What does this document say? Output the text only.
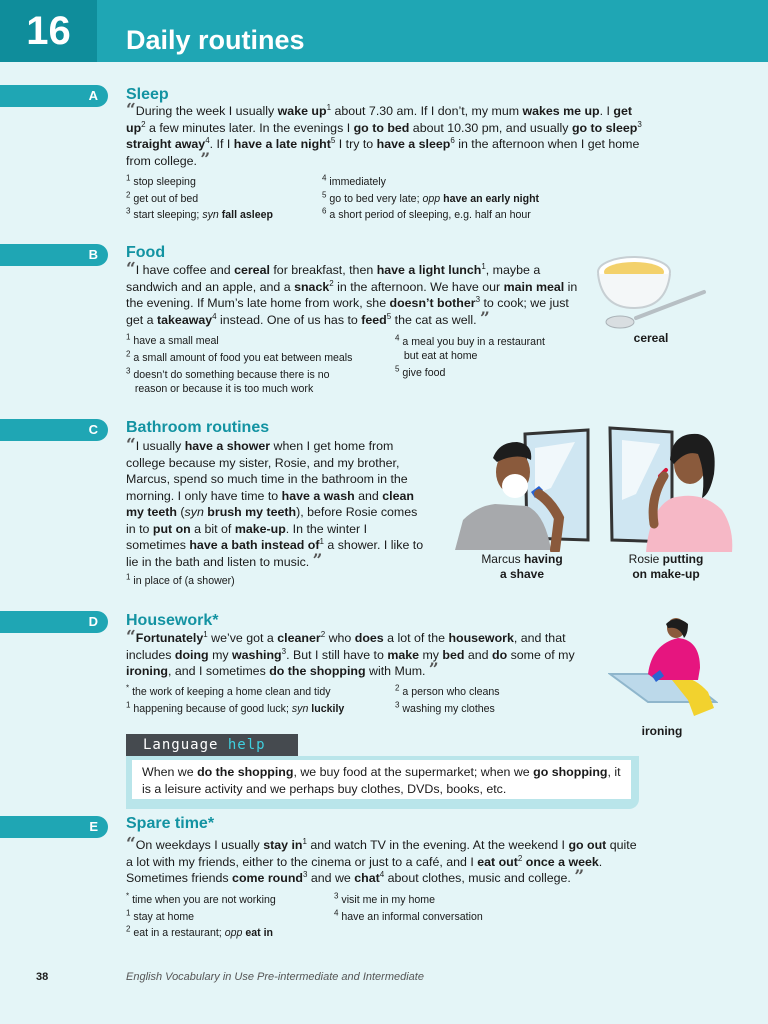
16	Daily routines
A	Sleep
“During the week I usually wake $up^1$ about 7.30 am. If I don’t, my mum wakes me up. I get $up^2$ a few minutes later. In the evenings I go to bed about 10.30 pm, and usually go to sleep$^3$ straight away$^4$. If I have a late night$^5$ I try to have a sleep$^6$ in the afternoon when I get home from college. ”
$^1$ stop sleeping
$^2$ get out of bed
$^3$ start sleeping; syn fall asleep
$^4$ immediately
$^5$ go to bed very late; opp have an early night
$^6$ a short period of sleeping, e.g. half an hour
B	Food
“I have coffee and cereal for breakfast, then have a light lunch$^1$, maybe a sandwich and an apple, and a snack$^2$ in the afternoon. We have our main meal in the evening. If Mum’s late home from work, she doesn’t bother$^3$ to cook; we just get a takeaway$^4$ instead. One of us has to feed$^5$ the cat as well. ”
$^1$ have a small meal
$^2$ a small amount of food you eat between meals
$^3$ doesn’t do something because there is no
reason or because it is too much work
$^4$ a meal you buy in a restaurant
but eat at home
$^5$ give food
cereal
C	Bathroom routines
“I usually have a shower when I get home from college because my sister, Rosie, and my brother, Marcus, spend so much time in the bathroom in the morning. I only have time to have a wash and clean my teeth (syn brush my teeth), before Rosie comes in to put on a bit of make-up. In the winter I sometimes have a bath instead $of^1$ a shower. I like to lie in the bath and listen to music. ”
$^1$ in place of (a shower)
Marcus having
a shave
Rosie putting
on make-up
D	Housework*
“Fortunately$^1$ we’ve got a cleaner$^2$ who does a lot of the housework, and that includes doing my washing$^3$. But I still have to make my bed and do some of my ironing, and I sometimes do the shopping with Mum. ”
* the work of keeping a home clean and tidy
$^1$ happening because of good luck; syn luckily
$^2$ a person who cleans
$^3$ washing my clothes
ironing
Language help
When we do the shopping, we buy food at the supermarket; when we go shopping, it is a leisure activity and we perhaps buy clothes, DVDs, books, etc.
E	Spare time*
“On weekdays I usually stay $in^1$ and watch TV in the evening. At the weekend I go out quite a lot with my friends, either to the cinema or just to a café, and I eat out$^2$ once a week. Sometimes friends come round$^3$ and we chat$^4$ about clothes, music and college. ”
* time when you are not working
$^1$ stay at home
$^2$ eat in a restaurant; opp eat in
$^3$ visit me in my home
$^4$ have an informal conversation
38	English Vocabulary in Use Pre-intermediate and Intermediate
